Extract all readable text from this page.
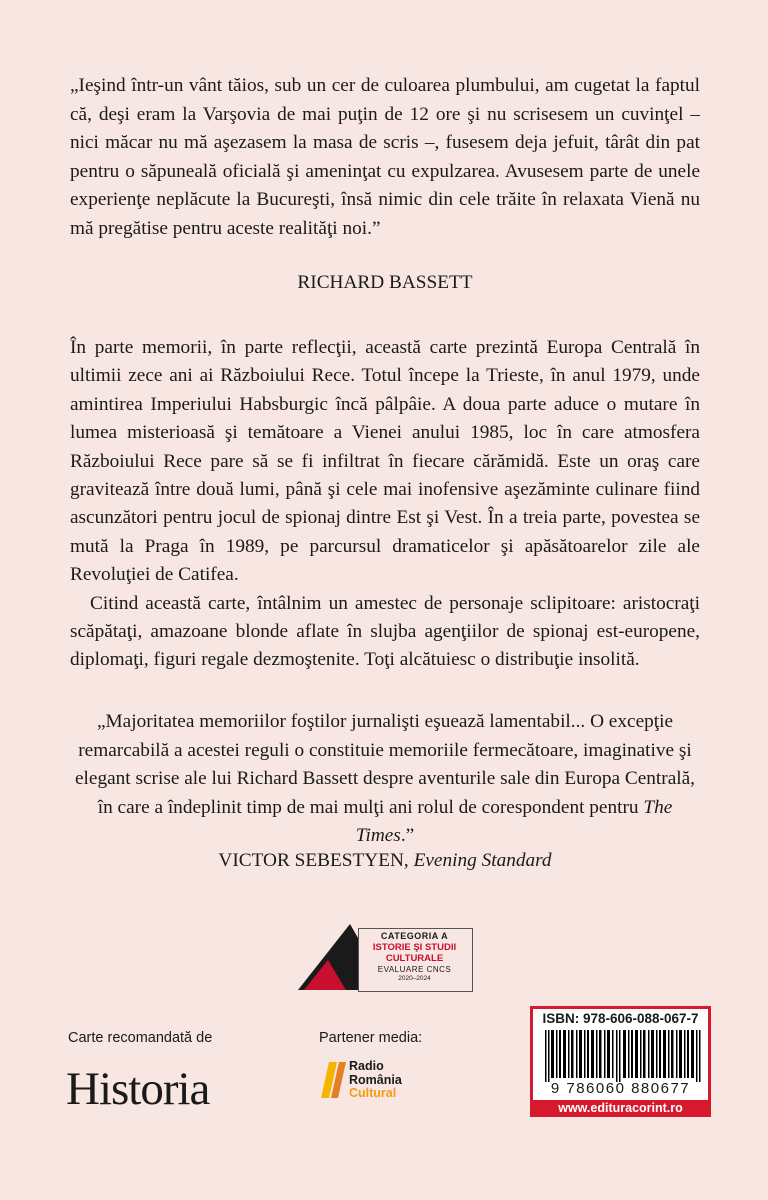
„Ieşind într-un vânt tăios, sub un cer de culoarea plumbului, am cugetat la faptul că, deşi eram la Varşovia de mai puţin de 12 ore şi nu scrisesem un cuvinţel – nici măcar nu mă aşezasem la masa de scris –, fusesem deja jefuit, târât din pat pentru o săpuneală oficială şi ameninţat cu expulzarea. Avusesem parte de unele experienţe neplăcute la Bucureşti, însă nimic din cele trăite în relaxata Vienă nu mă pregătise pentru aceste realităţi noi.”
RICHARD BASSETT

În parte memorii, în parte reflecţii, această carte prezintă Europa Centrală în ultimii zece ani ai Războiului Rece. Totul începe la Trieste, în anul 1979, unde amintirea Imperiului Habsburgic încă pâlpâie. A doua parte aduce o mutare în lumea misterioasă şi temătoare a Vienei anului 1985, loc în care atmosfera Războiului Rece pare să se fi infiltrat în fiecare cărămidă. Este un oraş care gravitează între două lumi, până şi cele mai inofensive aşezăminte culinare fiind ascunzători pentru jocul de spionaj dintre Est şi Vest. În a treia parte, povestea se mută la Praga în 1989, pe parcursul dramaticelor şi apăsătoarelor zile ale Revoluţiei de Catifea.

Citind această carte, întâlnim un amestec de personaje sclipitoare: aristocraţi scăpătaţi, amazoane blonde aflate în slujba agenţiilor de spionaj est-europene, diplomaţi, figuri regale dezmoştenite. Toţi alcătuiesc o distribuţie insolită.

„Majoritatea memoriilor foştilor jurnalişti eşuează lamentabil... O excepţie remarcabilă a acestei reguli o constituie memoriile fermecătoare, imaginative şi elegant scrise ale lui Richard Bassett despre aventurile sale din Europa Centrală, în care a îndeplinit timp de mai mulţi ani rolul de corespondent pentru The Times.”
VICTOR SEBESTYEN, Evening Standard
CATEGORIA A
ISTORIE ŞI STUDII
CULTURALE
EVALUARE CNCS
2020–2024
Carte recomandată de
Historia
Partener media:
Radio
România
Cultural
ISBN: 978-606-088-067-7
9 786060 880677
www.edituracorint.ro
